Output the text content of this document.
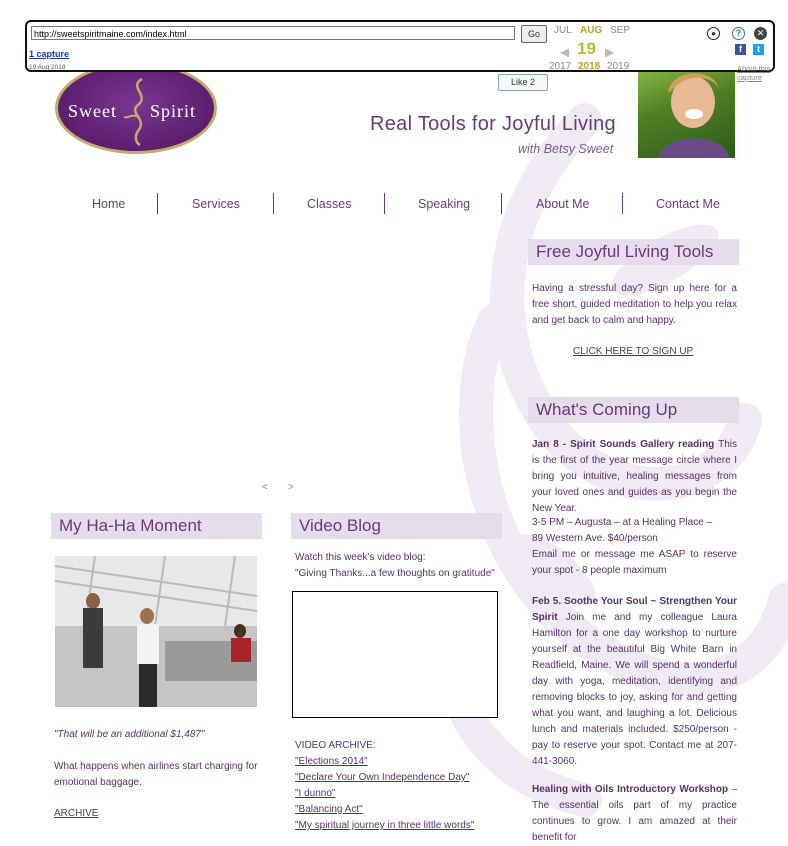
Sweet Spirit
Like 2
Real Tools for Joyful Living
with Betsy Sweet
Home	Services	Classes	Speaking	About Me	Contact Me
< >
My Ha-Ha Moment
"That will be an additional $1,487"
What happens when airlines start charging for emotional baggage.
ARCHIVE
Video Blog
Watch this week's video blog:
"Giving Thanks...a few thoughts on gratitude"
VIDEO ARCHIVE:
"Elections 2014"
"Declare Your Own Independence Day"
"I dunno"
"Balancing Act"
"My spiritual journey in three little words"
Free Joyful Living Tools
Having a stressful day? Sign up here for a free short, guided meditation to help you relax and get back to calm and happy.
CLICK HERE TO SIGN UP
What's Coming Up
Jan 8 - Spirit Sounds Gallery reading This is the first of the year message circle where I bring you intuitive, healing messages from your loved ones and guides as you begin the New Year.
3-5 PM – Augusta – at a Healing Place –
89 Western Ave. $40/person
Email me or message me ASAP to reserve your spot - 8 people maximum
Feb 5. Soothe Your Soul ~ Strengthen Your Spirit Join me and my colleague Laura Hamilton for a one day workshop to nurture yourself at the beautiful Big White Barn in Readfield, Maine. We will spend a wonderful day with yoga, meditation, identifying and removing blocks to joy, asking for and getting what you want, and laughing a lot. Delicious lunch and materials included. $250/person - pay to reserve your spot. Contact me at 207-441-3060.
Healing with Oils Introductory Workshop – The essential oils part of my practice continues to grow. I am amazed at their benefit for
http://sweetspiritmaine.com/index.html	Go
1 capture
19 Aug 2018
JUL AUG SEP
◀ 19 ▶
2017 2018 2019
●	?	✕
f	t
About this capture
